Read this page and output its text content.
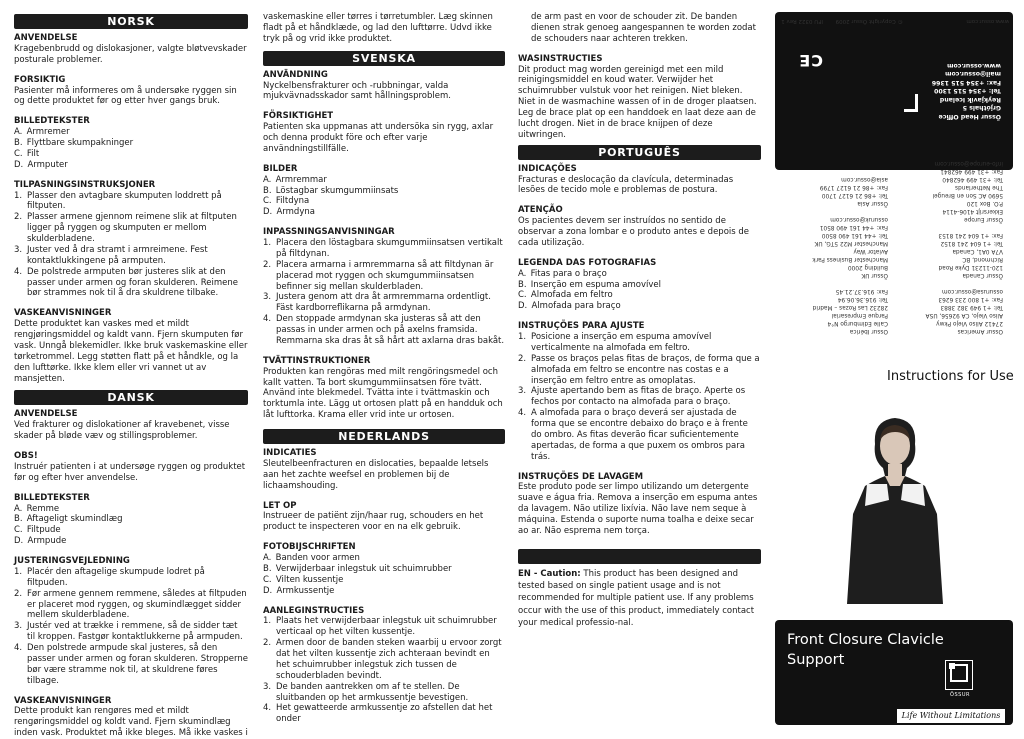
NORSK
ANVENDELSE

Kragebenbrudd og dislokasjoner, valgte bløtvevskader posturale problemer.

FORSIKTIG

Pasienter må informeres om å undersøke ryggen sin og dette produktet før og etter hver gangs bruk.

BILLEDTEKSTER
A. Armremer
B. Flyttbare skumpakninger
C. Filt
D. Armputer
TILPASNINGSINSTRUKSJONER
1. Plasser den avtagbare skumputen loddrett på filtputen.
2. Plasser armene gjennom reimene slik at filtputen ligger på ryggen og skumputen er mellom skulderbladene.
3. Juster ved å dra stramt i armreimene. Fest kontaktlukkingene på armputen.
4. De polstrede armputen bør justeres slik at den passer under armen og foran skulderen. Reimene bør strammes nok til å dra skuldrene tilbake.
VASKEANVISNINGER

Dette produktet kan vaskes med et mildt rengjøringsmiddel og kaldt vann. Fjern skumputen før vask. Unngå blekemidler. Ikke bruk vaskemaskine eller tørketrommel. Legg støtten flatt på et håndkle, og la den lufttørke. Ikke klem eller vri vannet ut av mansjetten.

DANSK
ANVENDELSE

Ved frakturer og dislokationer af kravebenet, visse skader på bløde væv og stillingsproblemer.

OBS!

Instruér patienten i at undersøge ryggen og produktet før og efter hver anvendelse.

BILLEDTEKSTER
A. Remme
B. Aftageligt skumindlæg
C. Filtpude
D. Armpude
JUSTERINGSVEJLEDNING
1. Placér den aftagelige skumpude lodret på filtpuden.
2. Før armene gennem remmene, således at filtpuden er placeret mod ryggen, og skumindlægget sidder mellem skulderbladene.
3. Justér ved at trække i remmene, så de sidder tæt til kroppen. Fastgør kontaktlukkerne på armpuden.
4. Den polstrede armpude skal justeres, så den passer under armen og foran skulderen. Stropperne bør være stramme nok til, at skuldrene føres tilbage.
VASKEANVISNINGER

Dette produkt kan rengøres med et mildt rengøringsmiddel og koldt vand. Fjern skumindlæg inden vask. Produktet må ikke bleges. Må ikke vaskes i

vaskemaskine eller tørres i tørretumbler. Læg skinnen fladt på et håndklæde, og lad den lufttørre. Udvd ikke tryk på og vrid ikke produktet.

SVENSKA
ANVÄNDNING

Nyckelbensfrakturer och -rubbningar, valda mjukvävnadsskador samt hållningsproblem.

FÖRSIKTIGHET

Patienten ska uppmanas att undersöka sin rygg, axlar och denna produkt före och efter varje användningstillfälle.

BILDER
A. Armremmar
B. Löstagbar skumgummiinsats
C. Filtdyna
D. Armdyna
INPASSNINGSANVISNINGAR
1. Placera den löstagbara skumgummiinsatsen vertikalt på filtdynan.
2. Placera armarna i armremmarna så att filtdynan är placerad mot ryggen och skumgummiinsatsen befinner sig mellan skulderbladen.
3. Justera genom att dra åt armremmarna ordentligt. Fäst kardborreflikarna på armdynan.
4. Den stoppade armdynan ska justeras så att den passas in under armen och på axelns framsida. Remmarna ska dras åt så hårt att axlarna dras bakåt.
TVÄTTINSTRUKTIONER

Produkten kan rengöras med milt rengöringsmedel och kallt vatten. Ta bort skumgummiinsatsen före tvätt. Använd inte blekmedel. Tvätta inte i tvättmaskin och torktumla inte. Lägg ut ortosen platt på en handduk och låt lufttorka. Krama eller vrid inte ur ortosen.

NEDERLANDS
INDICATIES

Sleutelbeenfracturen en dislocaties, bepaalde letsels aan het zachte weefsel en problemen bij de lichaamshouding.

LET OP

Instrueer de patiënt zijn/haar rug, schouders en het product te inspecteren voor en na elk gebruik.

FOTOBIJSCHRIFTEN
A. Banden voor armen
B. Verwijderbaar inlegstuk uit schuimrubber
C. Vilten kussentje
D. Armkussentje
AANLEGINSTRUCTIES
1. Plaats het verwijderbaar inlegstuk uit schuimrubber verticaal op het vilten kussentje.
2. Armen door de banden steken waarbij u ervoor zorgt dat het vilten kussentje zich achteraan bevindt en het schuimrubber inlegstuk zich tussen de schouderbladen bevindt.
3. De banden aantrekken om af te stellen. De sluitbanden op het armkussentje bevestigen.
4. Het gewatteerde armkussentje zo afstellen dat het onder
de arm past en voor de schouder zit. De banden dienen strak genoeg aangespannen te worden zodat de schouders naar achteren trekken.
WASINSTRUCTIES

Dit product mag worden gereinigd met een mild reinigingsmiddel en koud water. Verwijder het schuimrubber vulstuk voor het reinigen. Niet bleken. Niet in de wasmachine wassen of in de droger plaatsen. Leg de brace plat op een handdoek en laat deze aan de lucht drogen. Niet in de brace knijpen of deze uitwringen.

PORTUGUÊS
INDICAÇÕES

Fracturas e deslocação da clavícula, determinadas lesões de tecido mole e problemas de postura.

ATENÇÃO

Os pacientes devem ser instruídos no sentido de observar a zona lombar e o produto antes e depois de cada utilização.

LEGENDA DAS FOTOGRAFIAS
A. Fitas para o braço
B. Inserção em espuma amovível
C. Almofada em feltro
D. Almofada para braço
INSTRUÇÕES PARA AJUSTE
1. Posicione a inserção em espuma amovível verticalmente na almofada em feltro.
2. Passe os braços pelas fitas de braços, de forma que a almofada em feltro se encontre nas costas e a inserção em feltro entre as omoplatas.
3. Ajuste apertando bem as fitas de braço. Aperte os fechos por contacto na almofada para o braço.
4. A almofada para o braço deverá ser ajustada de forma que se encontre debaixo do braço e à frente do ombro. As fitas deverão ficar suficientemente apertadas, de forma a que puxem os ombros para trás.
INSTRUÇÕES DE LAVAGEM

Este produto pode ser limpo utilizando um detergente suave e água fria. Remova a inserção em espuma antes da lavagem. Não utilize lixívia. Não lave nem seque à máquina. Estenda o suporte numa toalha e deixe secar ao ar. Não esprema nem torça.

EN - Caution: This product has been designed and tested based on single patient usage and is not recommended for multiple patient use. If any problems occur with the use of this product, immediately contact your medical professio-nal.

Össur Head Office
Grjóthals 5
Reykjavík Iceland
Tel: +354 515 1300
Fax: +354 515 1366
mail@ossur.com
www.ossur.com
CE
www.ossur.com
© Copyright Össur 2009
IFU 0322 Rev 1
Össur Americas
27412 Aliso Viejo Pkwy
Aliso Viejo, CA 92656, USA
Tel: +1 949 382 3883
Fax: +1 800 233 6263
ossurusa@ossur.com

Össur Canada
120-11231 Dyke Road
Richmond, BC
V7A 0A1, Canada
Tel: +1 604 241 8152
Fax: +1 604 241 8153

Össur Europe
Ekkersrijt 4106-4114
P.O. Box 120
5690 AC Son en Breugel
The Netherlands
Tel: +31 499 462840
Fax: +31 499 462841
info-europe@ossur.com
Össur Ibérica
Calle Edimburgo N°4
Parque Empresarial
28232 Las Rozas – Madrid
Tel: 916.36.06.94
Fax: 916.37.21.45

Össur UK
Building 2000
Manchester Business Park
Aviator Way
Manchester M22 5TG, UK
Tel: +44 161 490 8500
Fax: +44 161 490 8501
ossuruk@ossur.com

Össur Asia
Tel: +86 21 6127 1700
Fax: +86 21 6127 1799
asia@ossur.com
Instructions for Use
Front Closure Clavicle
Support
ÖSSUR
Life Without Limitations
